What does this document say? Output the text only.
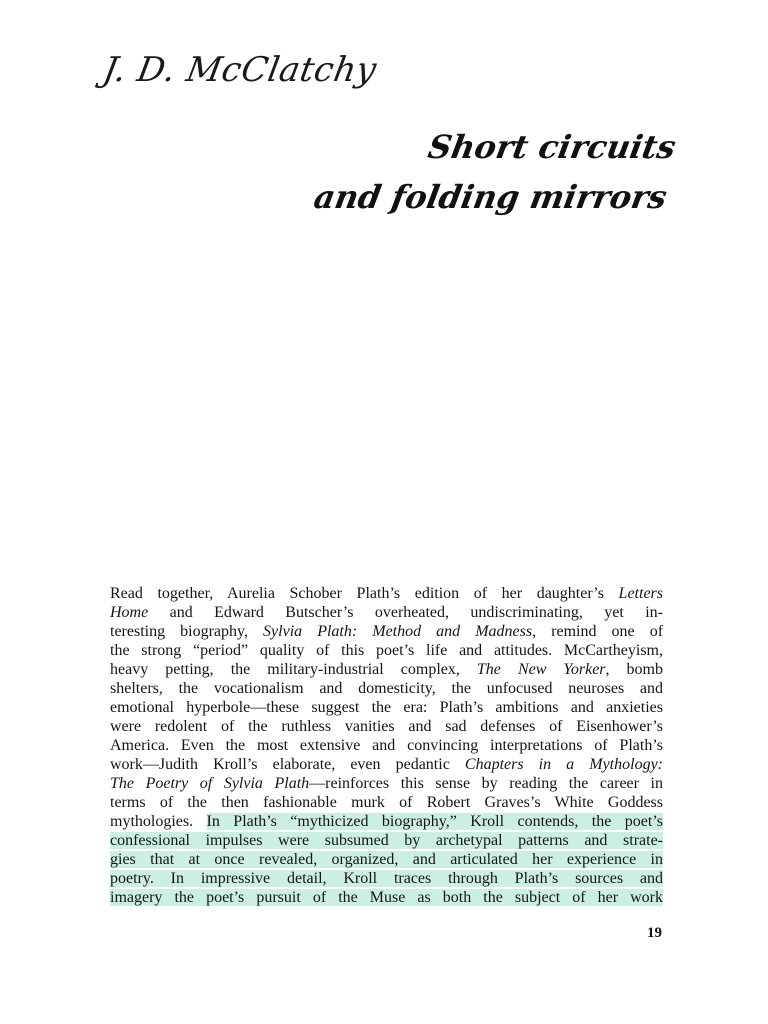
J. D. McClatchy
Short circuits
and folding mirrors
Read together, Aurelia Schober Plath’s edition of her daughter’s Letters
Home and Edward Butscher’s overheated, undiscriminating, yet in-
teresting biography, Sylvia Plath: Method and Madness, remind one of
the strong “period” quality of this poet’s life and attitudes. McCartheyism,
heavy petting, the military-industrial complex, The New Yorker, bomb
shelters, the vocationalism and domesticity, the unfocused neuroses and
emotional hyperbole—these suggest the era: Plath’s ambitions and anxieties
were redolent of the ruthless vanities and sad defenses of Eisenhower’s
America. Even the most extensive and convincing interpretations of Plath’s
work—Judith Kroll’s elaborate, even pedantic Chapters in a Mythology:
The Poetry of Sylvia Plath—reinforces this sense by reading the career in
terms of the then fashionable murk of Robert Graves’s White Goddess
mythologies. In Plath’s “mythicized biography,” Kroll contends, the poet’s
confessional impulses were subsumed by archetypal patterns and strate-
gies that at once revealed, organized, and articulated her experience in
poetry. In impressive detail, Kroll traces through Plath’s sources and
imagery the poet’s pursuit of the Muse as both the subject of her work
19
